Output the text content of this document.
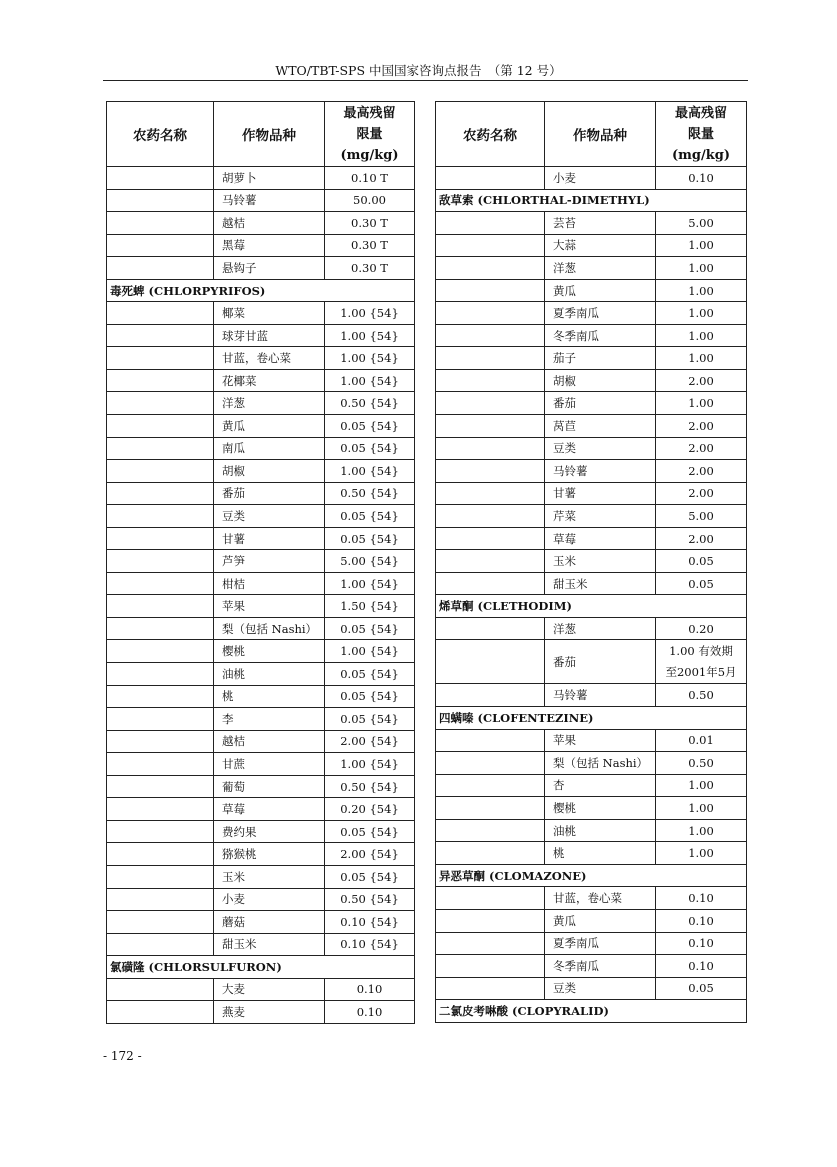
WTO/TBT-SPS 中国国家咨询点报告　（第 12 号）
农药名称	作物品种	最高残留
限量
(mg/kg)

	胡萝卜	0.10 T
	马铃薯	50.00
	越桔	0.30 T
	黑莓	0.30 T
	悬钩子	0.30 T
毒死蜱 (CHLORPYRIFOS)		
	椰菜	1.00 {54}
	球芽甘蓝	1.00 {54}
	甘蓝，卷心菜	1.00 {54}
	花椰菜	1.00 {54}
	洋葱	0.50 {54}
	黄瓜	0.05 {54}
	南瓜	0.05 {54}
	胡椒	1.00 {54}
	番茄	0.50 {54}
	豆类	0.05 {54}
	甘薯	0.05 {54}
	芦笋	5.00 {54}
	柑桔	1.00 {54}
	苹果	1.50 {54}
	梨（包括 Nashi）	0.05 {54}
	樱桃	1.00 {54}
	油桃	0.05 {54}
	桃	0.05 {54}
	李	0.05 {54}
	越桔	2.00 {54}
	甘蔗	1.00 {54}
	葡萄	0.50 {54}
	草莓	0.20 {54}
	费约果	0.05 {54}
	猕猴桃	2.00 {54}
	玉米	0.05 {54}
	小麦	0.50 {54}
	蘑菇	0.10 {54}
	甜玉米	0.10 {54}
氯磺隆 (CHLORSULFURON)		
	大麦	0.10
	燕麦	0.10
农药名称	作物品种	最高残留
限量
(mg/kg)

	小麦	0.10
敌草索 (CHLORTHAL-DIMETHYL)		
	芸苔	5.00
	大蒜	1.00
	洋葱	1.00
	黄瓜	1.00
	夏季南瓜	1.00
	冬季南瓜	1.00
	茄子	1.00
	胡椒	2.00
	番茄	1.00
	莴苣	2.00
	豆类	2.00
	马铃薯	2.00
	甘薯	2.00
	芹菜	5.00
	草莓	2.00
	玉米	0.05
	甜玉米	0.05
烯草酮 (CLETHODIM)		
	洋葱	0.20
	番茄	1.00 有效期
至2001年5月

	马铃薯	0.50
四螨嗪 (CLOFENTEZINE)		
	苹果	0.01
	梨（包括 Nashi）	0.50
	杏	1.00
	樱桃	1.00
	油桃	1.00
	桃	1.00
异恶草酮 (CLOMAZONE)		
	甘蓝，卷心菜	0.10
	黄瓜	0.10
	夏季南瓜	0.10
	冬季南瓜	0.10
	豆类	0.05
二氯皮考啉酸 (CLOPYRALID)		
- 172 -
